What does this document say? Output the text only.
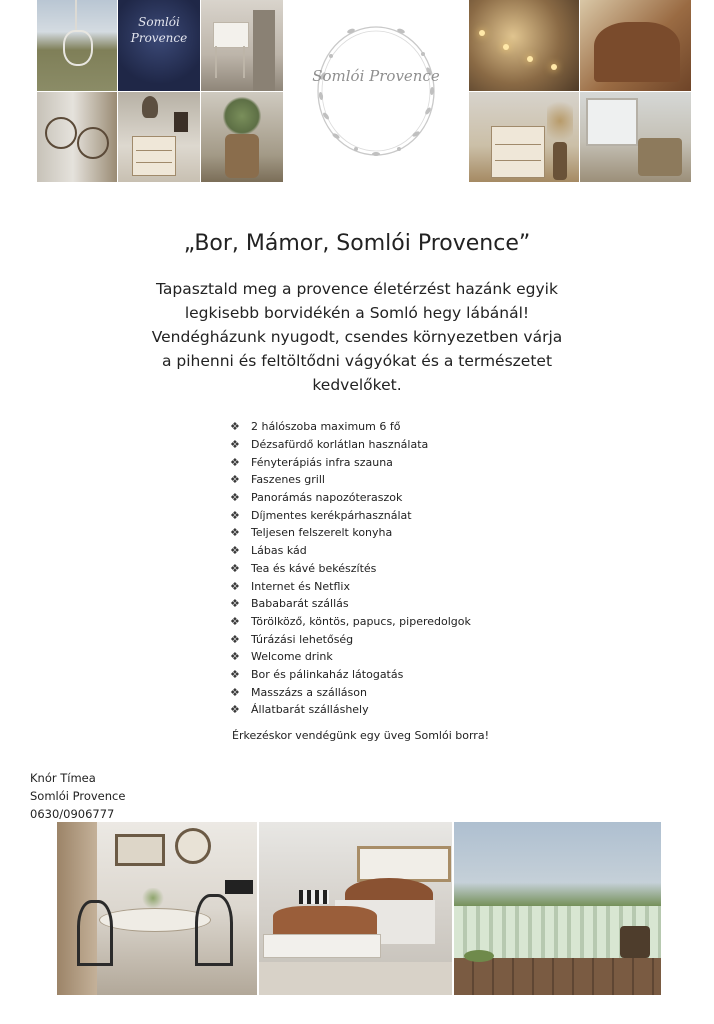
Somlói Provence
Somlói Provence
„Bor, Mámor, Somlói Provence”
Tapasztald meg a provence életérzést hazánk egyik
legkisebb borvidékén a Somló hegy lábánál!
Vendégházunk nyugodt, csendes környezetben várja
a pihenni és feltöltődni vágyókat és a természetet
kedvelőket.
❖	2 hálószoba maximum 6 fő
❖	Dézsafürdő korlátlan használata
❖	Fényterápiás infra szauna
❖	Faszenes grill
❖	Panorámás napozóteraszok
❖	Díjmentes kerékpárhasználat
❖	Teljesen felszerelt konyha
❖	Lábas kád
❖	Tea és kávé bekészítés
❖	Internet és Netflix
❖	Bababarát szállás
❖	Törölköző, köntös, papucs, piperedolgok
❖	Túrázási lehetőség
❖	Welcome drink
❖	Bor és pálinkaház látogatás
❖	Masszázs a szálláson
❖	Állatbarát szálláshely
Érkezéskor vendégünk egy üveg Somlói borra!
Knór Tímea
Somlói Provence
0630/0906777
